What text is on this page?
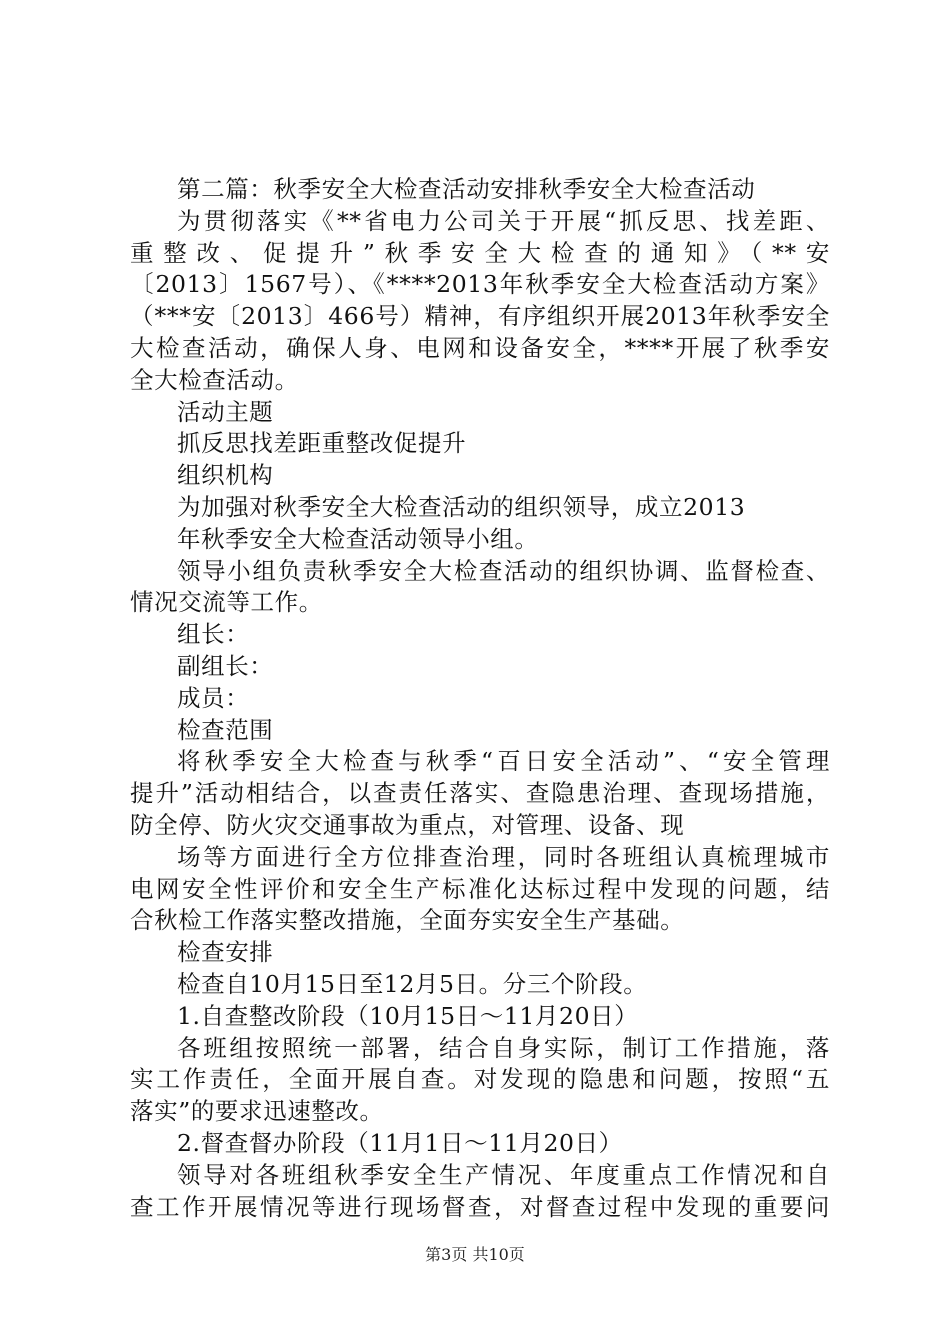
第二篇：秋季安全大检查活动安排秋季安全大检查活动
为贯彻落实《**省电力公司关于开展“抓反思、找差距、
重整改、促提升”秋季安全大检查的通知》（**安
〔2013〕1567号）、《****2013年秋季安全大检查活动方案》
（***安〔2013〕466号）精神，有序组织开展2013年秋季安全
大检查活动，确保人身、电网和设备安全，****开展了秋季安
全大检查活动。
活动主题
抓反思找差距重整改促提升
组织机构
为加强对秋季安全大检查活动的组织领导，成立2013
年秋季安全大检查活动领导小组。
领导小组负责秋季安全大检查活动的组织协调、监督检查、
情况交流等工作。
组长：
副组长：
成员：
检查范围
将秋季安全大检查与秋季“百日安全活动”、“安全管理
提升”活动相结合，以查责任落实、查隐患治理、查现场措施，
防全停、防火灾交通事故为重点，对管理、设备、现
场等方面进行全方位排查治理，同时各班组认真梳理城市
电网安全性评价和安全生产标准化达标过程中发现的问题，结
合秋检工作落实整改措施，全面夯实安全生产基础。
检查安排
检查自10月15日至12月5日。分三个阶段。
1.自查整改阶段（10月15日～11月20日）
各班组按照统一部署，结合自身实际，制订工作措施，落
实工作责任，全面开展自查。对发现的隐患和问题，按照“五
落实”的要求迅速整改。
2.督查督办阶段（11月1日～11月20日）
领导对各班组秋季安全生产情况、年度重点工作情况和自
查工作开展情况等进行现场督查，对督查过程中发现的重要问
第3页 共10页
